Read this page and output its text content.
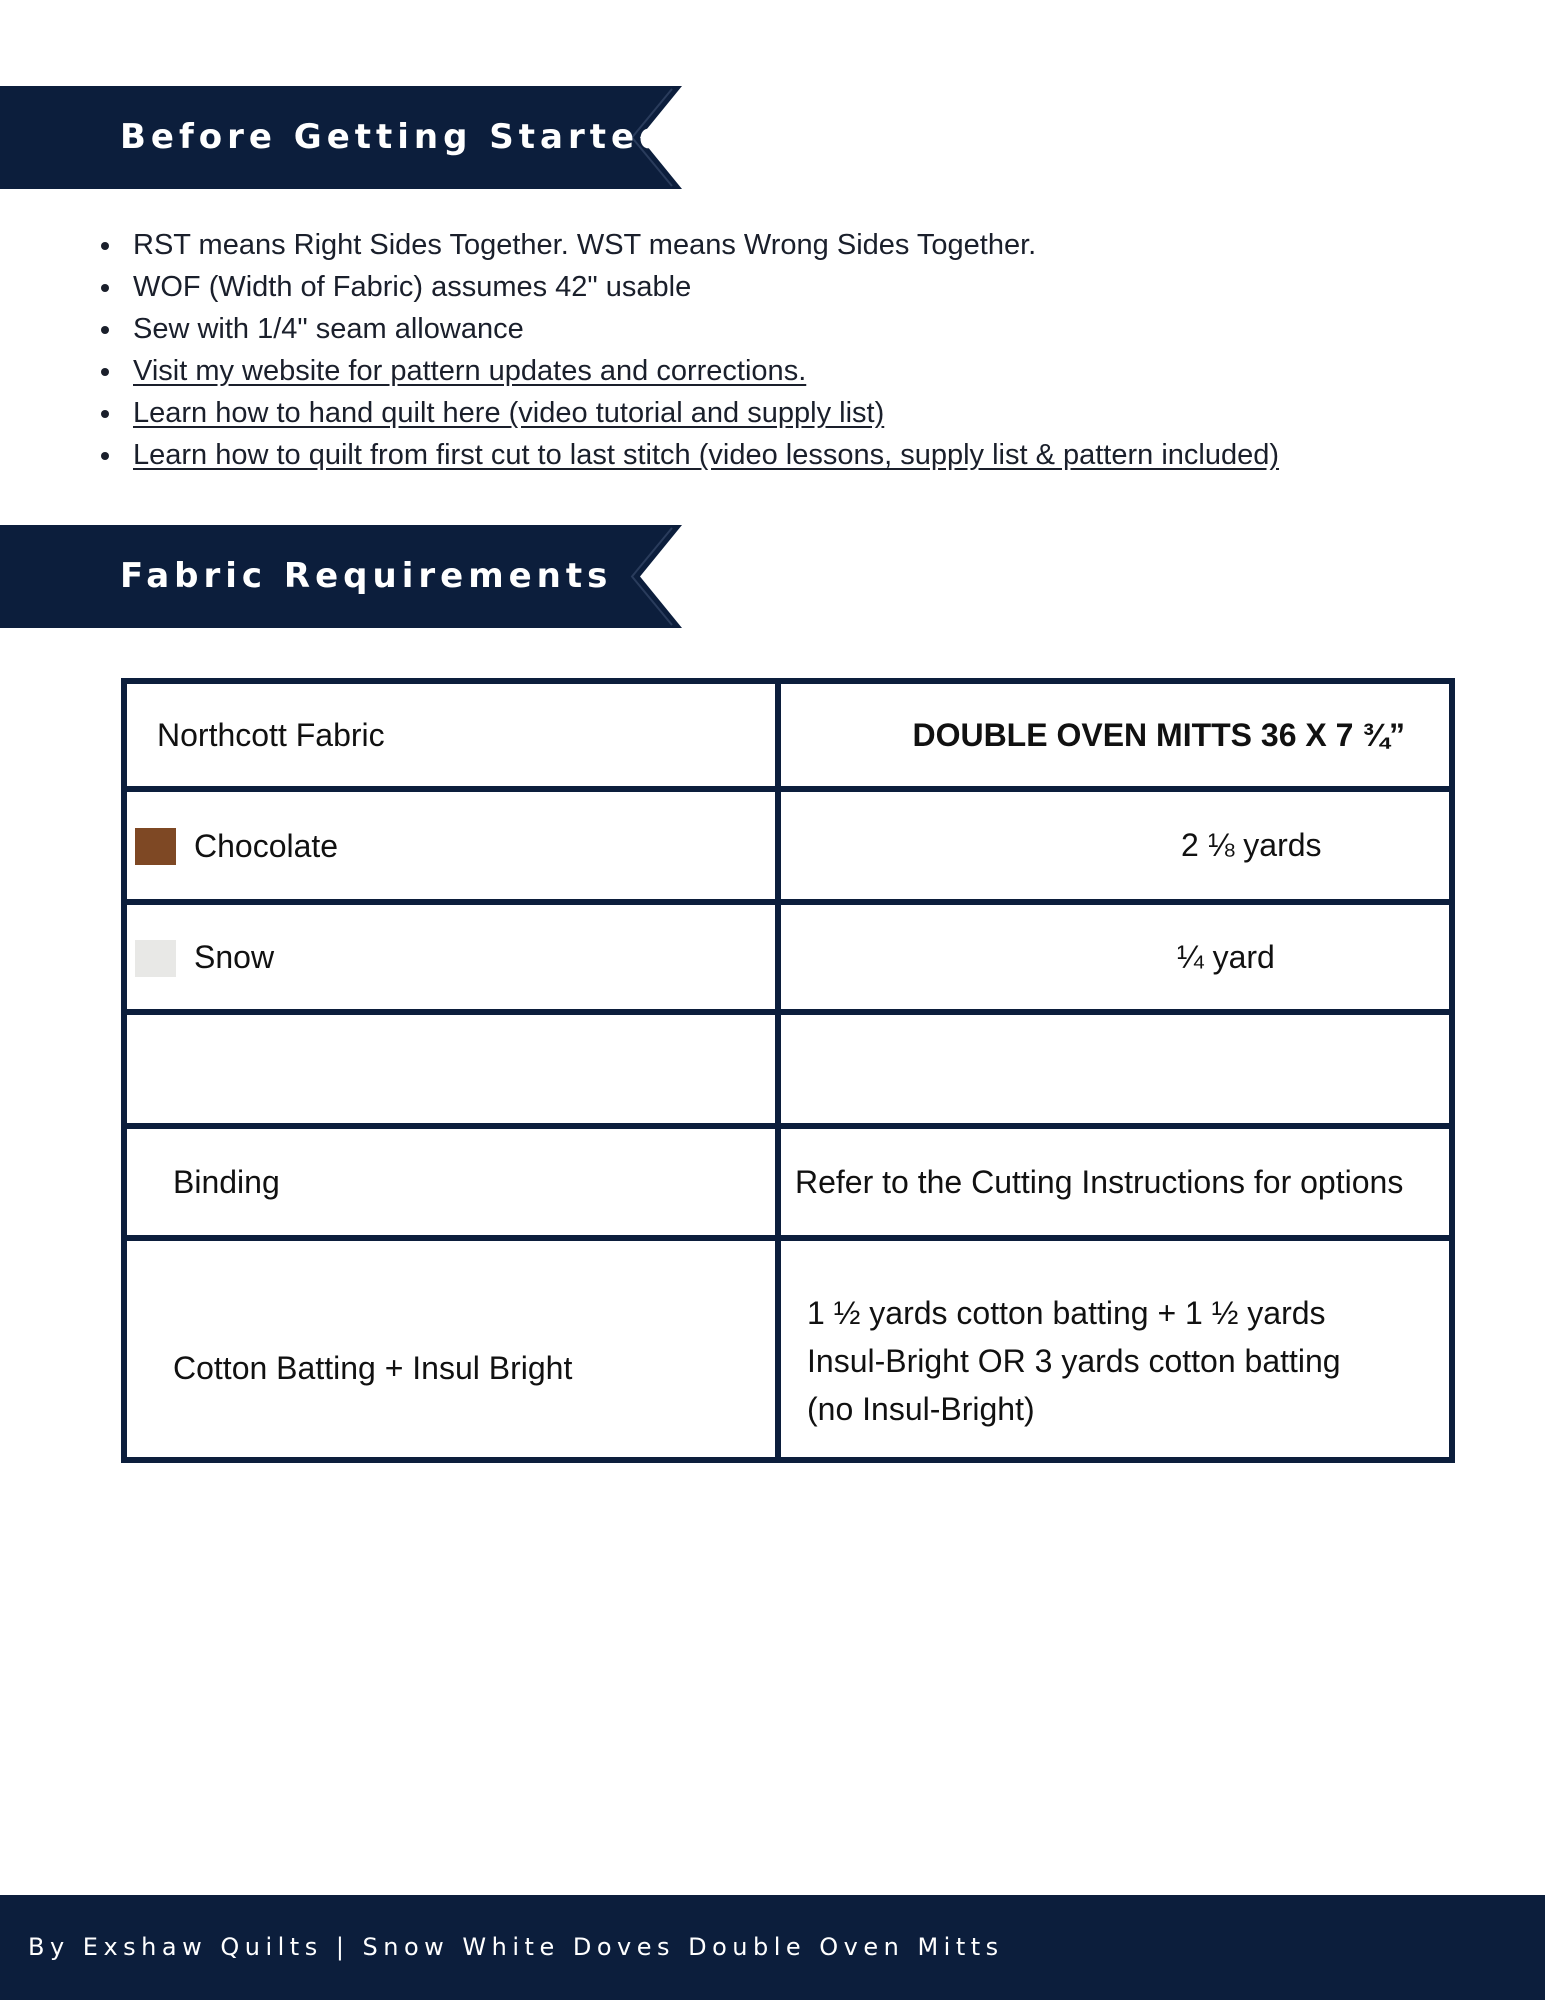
Before Getting Started
RST means Right Sides Together. WST means Wrong Sides Together.
WOF (Width of Fabric) assumes 42" usable
Sew with 1/4" seam allowance
Visit my website for pattern updates and corrections.
Learn how to hand quilt here (video tutorial and supply list)
Learn how to quilt from first cut to last stitch (video lessons, supply list & pattern included)
Fabric Requirements
Northcott Fabric	DOUBLE OVEN MITTS 36 X 7 ¾”
Chocolate	2 ⅛ yards
Snow	¼ yard

Binding	Refer to the Cutting Instructions for options
Cotton Batting + Insul Bright	1 ½ yards cotton batting + 1 ½ yards
Insul-Bright OR 3 yards cotton batting
(no Insul-Bright)
By Exshaw Quilts | Snow White Doves Double Oven Mitts
